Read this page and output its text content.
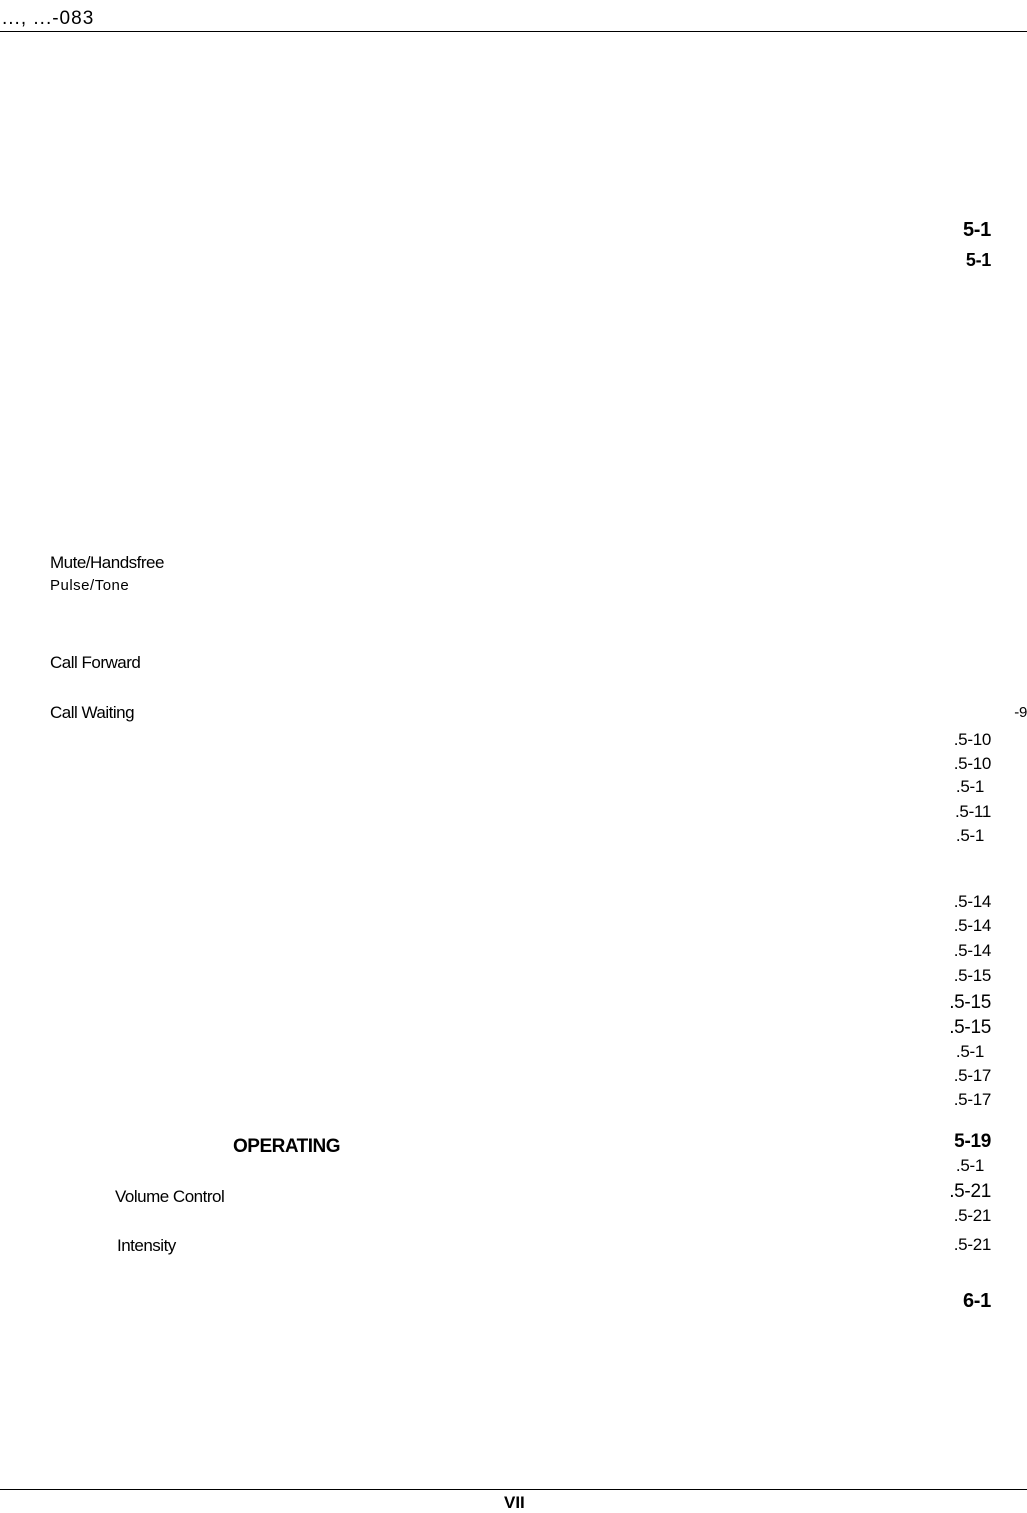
..., ...-083
Mute/Handsfree
Pulse/Tone
Call Forward
Call Waiting
OPERATING
Volume Control
Intensity
5-1
5-1
-9
.5-10
.5-10
.5-1
.5-11
.5-1
.5-14
.5-14
.5-14
.5-15
.5-15
.5-15
.5-1
.5-17
.5-17
5-19
.5-1
.5-21
.5-21
.5-21
6-1
VII
